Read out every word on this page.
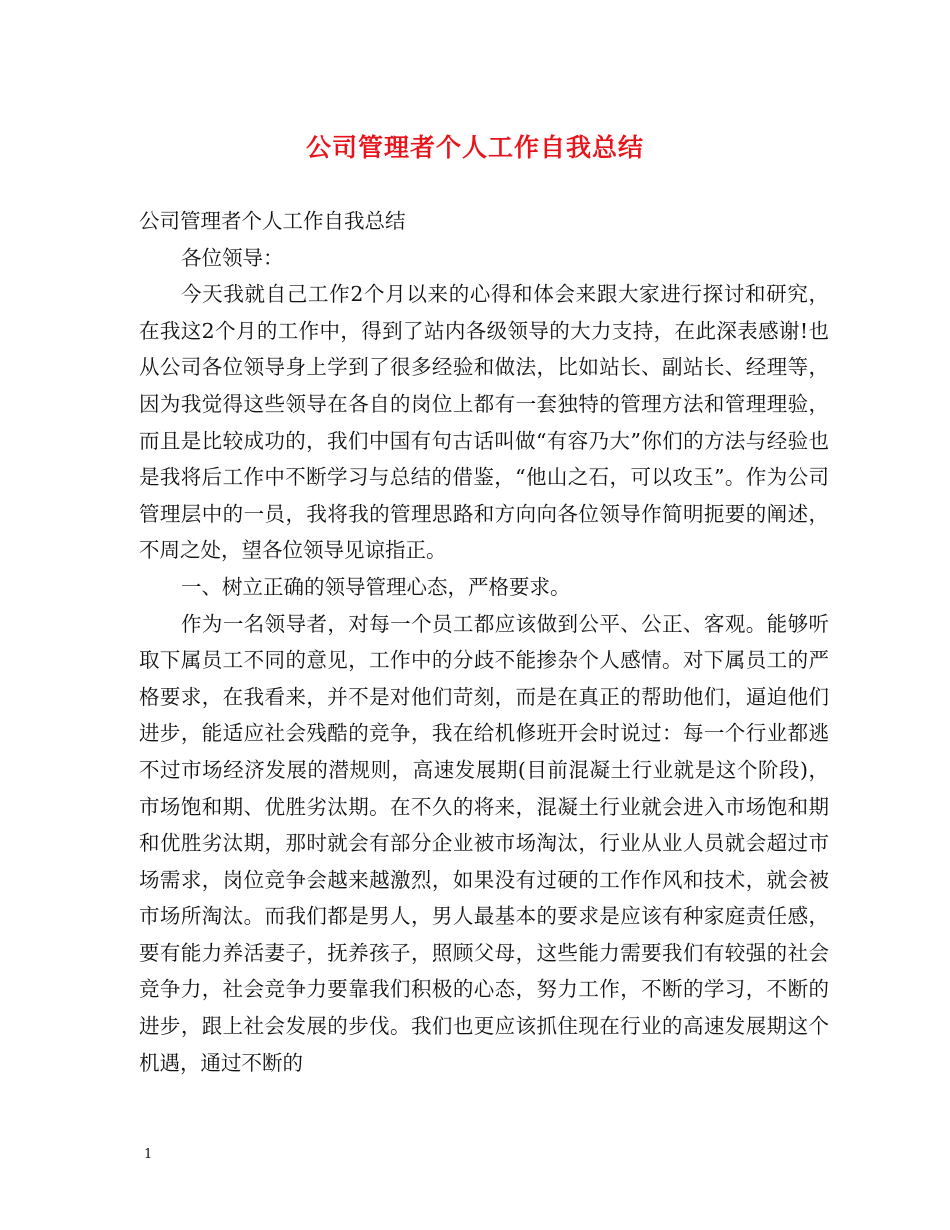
公司管理者个人工作自我总结

公司管理者个人工作自我总结

各位领导：

今天我就自己工作2个月以来的心得和体会来跟大家进行探讨和研究，在我这2个月的工作中，得到了站内各级领导的大力支持，在此深表感谢!也从公司各位领导身上学到了很多经验和做法，比如站长、副站长、经理等，因为我觉得这些领导在各自的岗位上都有一套独特的管理方法和管理理验，而且是比较成功的，我们中国有句古话叫做“有容乃大”你们的方法与经验也是我将后工作中不断学习与总结的借鉴，“他山之石，可以攻玉”。作为公司管理层中的一员，我将我的管理思路和方向向各位领导作简明扼要的阐述，不周之处，望各位领导见谅指正。

一、树立正确的领导管理心态，严格要求。

作为一名领导者，对每一个员工都应该做到公平、公正、客观。能够听取下属员工不同的意见，工作中的分歧不能掺杂个人感情。对下属员工的严格要求，在我看来，并不是对他们苛刻，而是在真正的帮助他们，逼迫他们进步，能适应社会残酷的竞争，我在给机修班开会时说过：每一个行业都逃不过市场经济发展的潜规则，高速发展期(目前混凝土行业就是这个阶段)，市场饱和期、优胜劣汰期。在不久的将来，混凝土行业就会进入市场饱和期和优胜劣汰期，那时就会有部分企业被市场淘汰，行业从业人员就会超过市场需求，岗位竞争会越来越激烈，如果没有过硬的工作作风和技术，就会被市场所淘汰。而我们都是男人，男人最基本的要求是应该有种家庭责任感，要有能力养活妻子，抚养孩子，照顾父母，这些能力需要我们有较强的社会竞争力，社会竞争力要靠我们积极的心态，努力工作，不断的学习，不断的进步，跟上社会发展的步伐。我们也更应该抓住现在行业的高速发展期这个机遇，通过不断的

1
